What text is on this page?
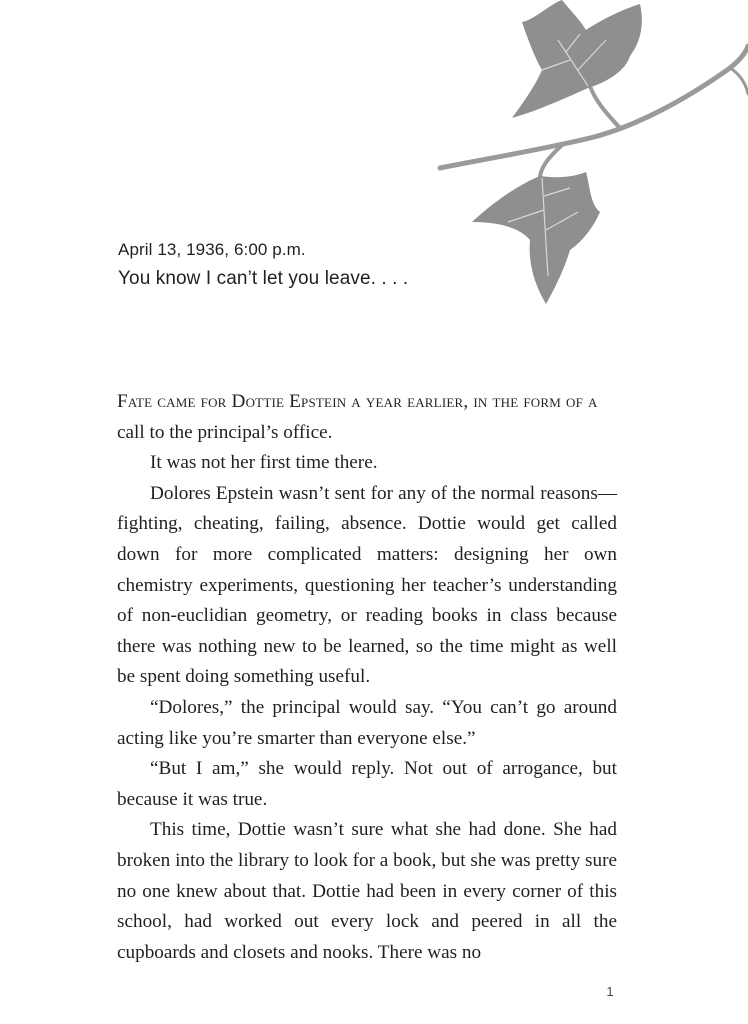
April 13, 1936, 6:00 p.m.
You know I can’t let you leave. . . .

Fate came for Dottie Epstein a year earlier, in the form of a

call to the principal’s office.

It was not her first time there.

Dolores Epstein wasn’t sent for any of the normal reasons—fighting, cheating, failing, absence. Dottie would get called down for more complicated matters: designing her own chemistry experiments, questioning her teacher’s understanding of non-euclidian geometry, or reading books in class because there was nothing new to be learned, so the time might as well be spent doing something useful.

“Dolores,” the principal would say. “You can’t go around acting like you’re smarter than everyone else.”

“But I am,” she would reply. Not out of arrogance, but because it was true.

This time, Dottie wasn’t sure what she had done. She had broken into the library to look for a book, but she was pretty sure no one knew about that. Dottie had been in every corner of this school, had worked out every lock and peered in all the cupboards and closets and nooks. There was no

1
